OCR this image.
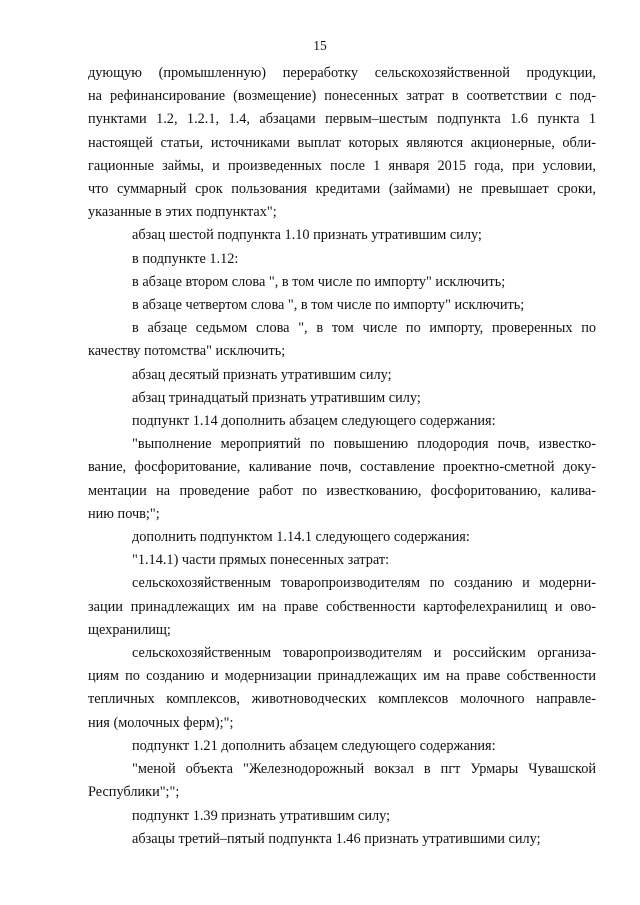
15

дующую (промышленную) переработку сельскохозяйственной продукции,

на рефинансирование (возмещение) понесенных затрат в соответствии с под-

пунктами 1.2, 1.2.1, 1.4, абзацами первым–шестым подпункта 1.6 пункта 1

настоящей статьи, источниками выплат которых являются акционерные, обли-

гационные займы, и произведенных после 1 января 2015 года, при условии,

что суммарный срок пользования кредитами (займами) не превышает сроки,

указанные в этих подпунктах";

абзац шестой подпункта 1.10 признать утратившим силу;

в подпункте 1.12:

в абзаце втором слова ", в том числе по импорту" исключить;

в абзаце четвертом слова ", в том числе по импорту" исключить;

в абзаце седьмом слова ", в том числе по импорту, проверенных по

качеству потомства" исключить;

абзац десятый признать утратившим силу;

абзац тринадцатый признать утратившим силу;

подпункт 1.14 дополнить абзацем следующего содержания:

"выполнение мероприятий по повышению плодородия почв, известко-

вание, фосфоритование, каливание почв, составление проектно-сметной доку-

ментации на проведение работ по известкованию, фосфоритованию, калива-

нию почв;";

дополнить подпунктом 1.14.1 следующего содержания:

"1.14.1) части прямых понесенных затрат:

сельскохозяйственным товаропроизводителям по созданию и модерни-

зации принадлежащих им на праве собственности картофелехранилищ и ово-

щехранилищ;

сельскохозяйственным товаропроизводителям и российским организа-

циям по созданию и модернизации принадлежащих им на праве собственности

тепличных комплексов, животноводческих комплексов молочного направле-

ния (молочных ферм);";

подпункт 1.21 дополнить абзацем следующего содержания:

"меной объекта "Железнодорожный вокзал в пгт Урмары Чувашской

Республики";";

подпункт 1.39 признать утратившим силу;

абзацы третий–пятый подпункта 1.46 признать утратившими силу;
